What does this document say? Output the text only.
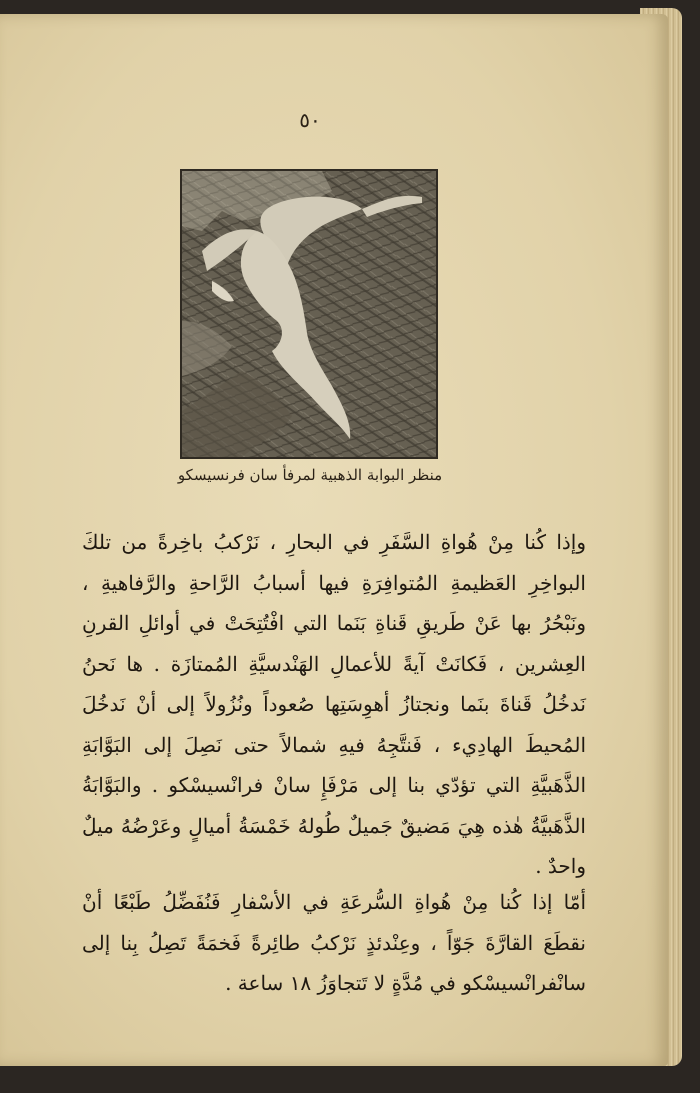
٥٠
منظر البوابة الذهبية لمرفأ سان فرنسيسكو
وإذا كُنا مِنْ هُواةِ السَّفَرِ في البحارِ ، نَرْكبُ باخِرةً من تلكَ البواخِرِ العَظيمةِ المُتوافِرَةِ فيها أسبابُ الرَّاحةِ والرَّفاهيةِ ، ونَبْحُرُ بها عَنْ طَريقِ قَناةِ بَنَما التي افْتُتِحَتْ في أوائلِ القرنِ العِشرين ، فَكانَتْ آيةً للأعمالِ الهَنْدسيَّةِ المُمتازَة . ها نَحنُ نَدخُلُ قَناةَ بنَما ونجتازُ أهوِسَتِها صُعوداً ونُزُولاً إلى أنْ نَدخُلَ المُحيطَ الهادِيء ، فَنتَّجِهُ فيهِ شمالاً حتى نَصِلَ إلى البَوَّابَةِ الذَّهَبيَّةِ التي تؤدّي بنا إلى مَرْفَإِ سانْ فرانْسيسْكو . والبَوَّابَةُ الذَّهَبيَّةُ هٰذه هِيَ مَضيقٌ جَميلٌ طُولهُ خَمْسَةُ أميالٍ وعَرْضُهُ ميلٌ واحدٌ .
أمّا إذا كُنا مِنْ هُواةِ السُّرعَةِ في الأسْفارِ فَنُفَضِّلُ طَبْعًا أنْ نقطَعَ القارَّةَ جَوّاً ، وعِنْدئذٍ نَرْكبُ طائِرةً فَخمَةً تَصِلُ بِنا إلى سانْفرانْسيسْكو في مُدَّةٍ لا تَتجاوَزُ ١٨ ساعة .
